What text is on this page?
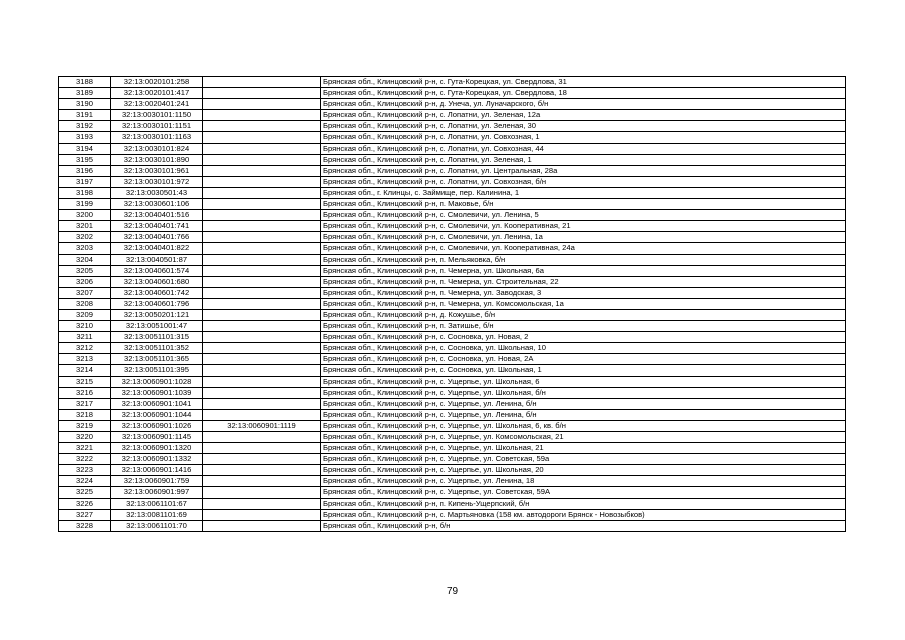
3188	32:13:0020101:258		Брянская обл., Клинцовский р-н, с. Гута-Корецкая, ул. Свердлова, 31
3189	32:13:0020101:417		Брянская обл., Клинцовский р-н, с. Гута-Корецкая, ул. Свердлова, 18
3190	32:13:0020401:241		Брянская обл., Клинцовский р-н, д. Унеча, ул. Луначарского, б/н
3191	32:13:0030101:1150		Брянская обл., Клинцовский р-н, с. Лопатни, ул. Зеленая, 12а
3192	32:13:0030101:1151		Брянская обл., Клинцовский р-н, с. Лопатни, ул. Зеленая, 30
3193	32:13:0030101:1163		Брянская обл., Клинцовский р-н, с. Лопатни, ул. Совхозная, 1
3194	32:13:0030101:824		Брянская обл., Клинцовский р-н, с. Лопатни, ул. Совхозная, 44
3195	32:13:0030101:890		Брянская обл., Клинцовский р-н, с. Лопатни, ул. Зеленая, 1
3196	32:13:0030101:961		Брянская обл., Клинцовский р-н, с. Лопатни, ул. Центральная, 28а
3197	32:13:0030101:972		Брянская обл., Клинцовский р-н, с. Лопатни, ул. Совхозная, б/н
3198	32:13:0030501:43		Брянская обл., г. Клинцы, с. Займище, пер. Калинина, 1
3199	32:13:0030601:106		Брянская обл., Клинцовский р-н, п. Маковье, б/н
3200	32:13:0040401:516		Брянская обл., Клинцовский р-н, с. Смолевичи, ул. Ленина, 5
3201	32:13:0040401:741		Брянская обл., Клинцовский р-н, с. Смолевичи, ул. Кооперативная, 21
3202	32:13:0040401:766		Брянская обл., Клинцовский р-н, с. Смолевичи, ул. Ленина, 1а
3203	32:13:0040401:822		Брянская обл., Клинцовский р-н, с. Смолевичи, ул. Кооперативная, 24а
3204	32:13:0040501:87		Брянская обл., Клинцовский р-н, п. Мельяковка, б/н
3205	32:13:0040601:574		Брянская обл., Клинцовский р-н, п. Чемерна, ул. Школьная, 6а
3206	32:13:0040601:680		Брянская обл., Клинцовский р-н, п. Чемерна, ул. Строительная, 22
3207	32:13:0040601:742		Брянская обл., Клинцовский р-н, п. Чемерна, ул. Заводская, 3
3208	32:13:0040601:796		Брянская обл., Клинцовский р-н, п. Чемерна, ул. Комсомольская, 1а
3209	32:13:0050201:121		Брянская обл., Клинцовский р-н, д. Кожушье, б/н
3210	32:13:0051001:47		Брянская обл., Клинцовский р-н, п. Затишье, б/н
3211	32:13:0051101:315		Брянская обл., Клинцовский р-н, с. Сосновка, ул. Новая, 2
3212	32:13:0051101:352		Брянская обл., Клинцовский р-н, с. Сосновка, ул. Школьная, 10
3213	32:13:0051101:365		Брянская обл., Клинцовский р-н, с. Сосновка, ул. Новая, 2А
3214	32:13:0051101:395		Брянская обл., Клинцовский р-н, с. Сосновка, ул. Школьная, 1
3215	32:13:0060901:1028		Брянская обл., Клинцовский р-н, с. Ущерпье, ул. Школьная, 6
3216	32:13:0060901:1039		Брянская обл., Клинцовский р-н, с. Ущерпье, ул. Школьная, б/н
3217	32:13:0060901:1041		Брянская обл., Клинцовский р-н, с. Ущерпье, ул. Ленина, б/н
3218	32:13:0060901:1044		Брянская обл., Клинцовский р-н, с. Ущерпье, ул. Ленина, б/н
3219	32:13:0060901:1026	32:13:0060901:1119	Брянская обл., Клинцовский р-н, с. Ущерпье, ул. Школьная, 6, кв. б/н
3220	32:13:0060901:1145		Брянская обл., Клинцовский р-н, с. Ущерпье, ул. Комсомольская, 21
3221	32:13:0060901:1320		Брянская обл., Клинцовский р-н, с. Ущерпье, ул. Школьная, 21
3222	32:13:0060901:1332		Брянская обл., Клинцовский р-н, с. Ущерпье, ул. Советская, 59а
3223	32:13:0060901:1416		Брянская обл., Клинцовский р-н, с. Ущерпье, ул. Школьная, 20
3224	32:13:0060901:759		Брянская обл., Клинцовский р-н, с. Ущерпье, ул. Ленина, 18
3225	32:13:0060901:997		Брянская обл., Клинцовский р-н, с. Ущерпье, ул. Советская, 59А
3226	32:13:0061101:67		Брянская обл., Клинцовский р-н, п. Кипень-Ущерпский, б/н
3227	32:13:0081101:69		Брянская обл., Клинцовский р-н, с. Мартьяновка (158 км. автодороги Брянск - Новозыбков)
3228	32:13:0061101:70		Брянская обл., Клинцовский р-н, б/н
79
